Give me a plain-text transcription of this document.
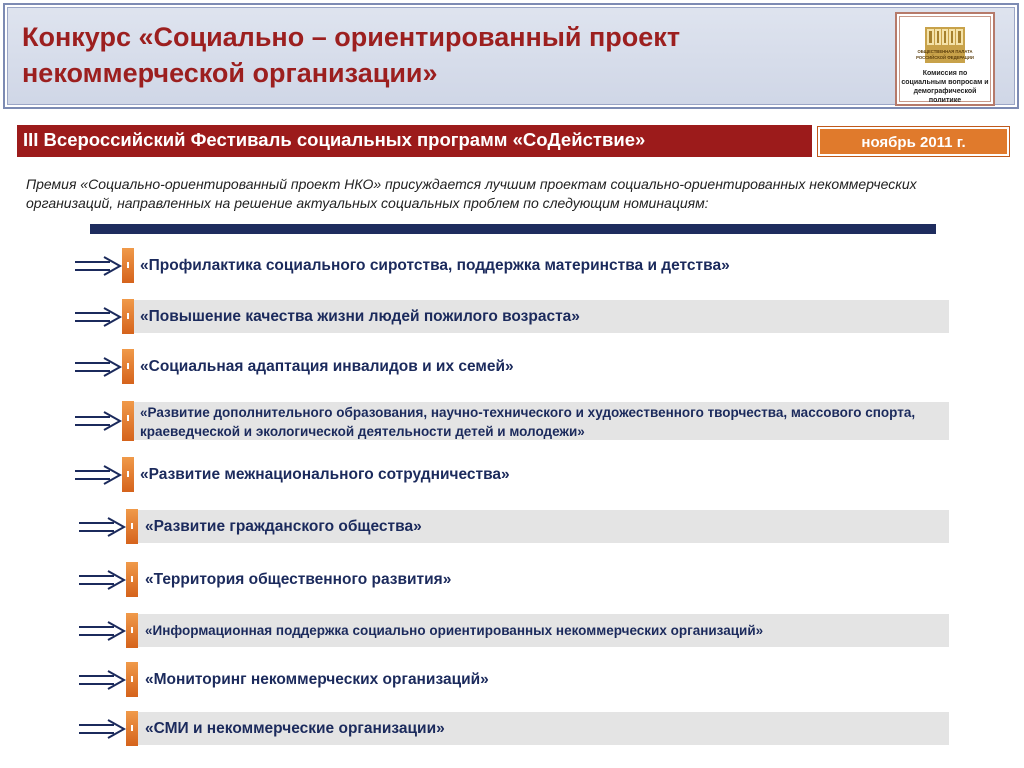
Конкурс «Социально – ориентированный проект
некоммерческой организации»
ОБЩЕСТВЕННАЯ ПАЛАТА
РОССИЙСКОЙ ФЕДЕРАЦИИ
Комиссия по социальным вопросам и демографической политике
III Всероссийский Фестиваль социальных программ «СоДействие»	ноябрь 2011 г.
Премия «Социально-ориентированный проект НКО» присуждается лучшим проектам социально-ориентированных некоммерческих организаций, направленных на решение актуальных социальных проблем по следующим номинациям:
«Профилактика социального сиротства, поддержка материнства и детства»
«Повышение качества жизни людей пожилого возраста»
«Социальная адаптация инвалидов и их семей»
«Развитие дополнительного образования, научно-технического и художественного творчества, массового спорта, краеведческой и экологической деятельности детей и молодежи»
«Развитие межнационального сотрудничества»
«Развитие гражданского общества»
«Территория общественного развития»
«Информационная поддержка социально ориентированных некоммерческих организаций»
«Мониторинг некоммерческих организаций»
«СМИ и некоммерческие организации»
